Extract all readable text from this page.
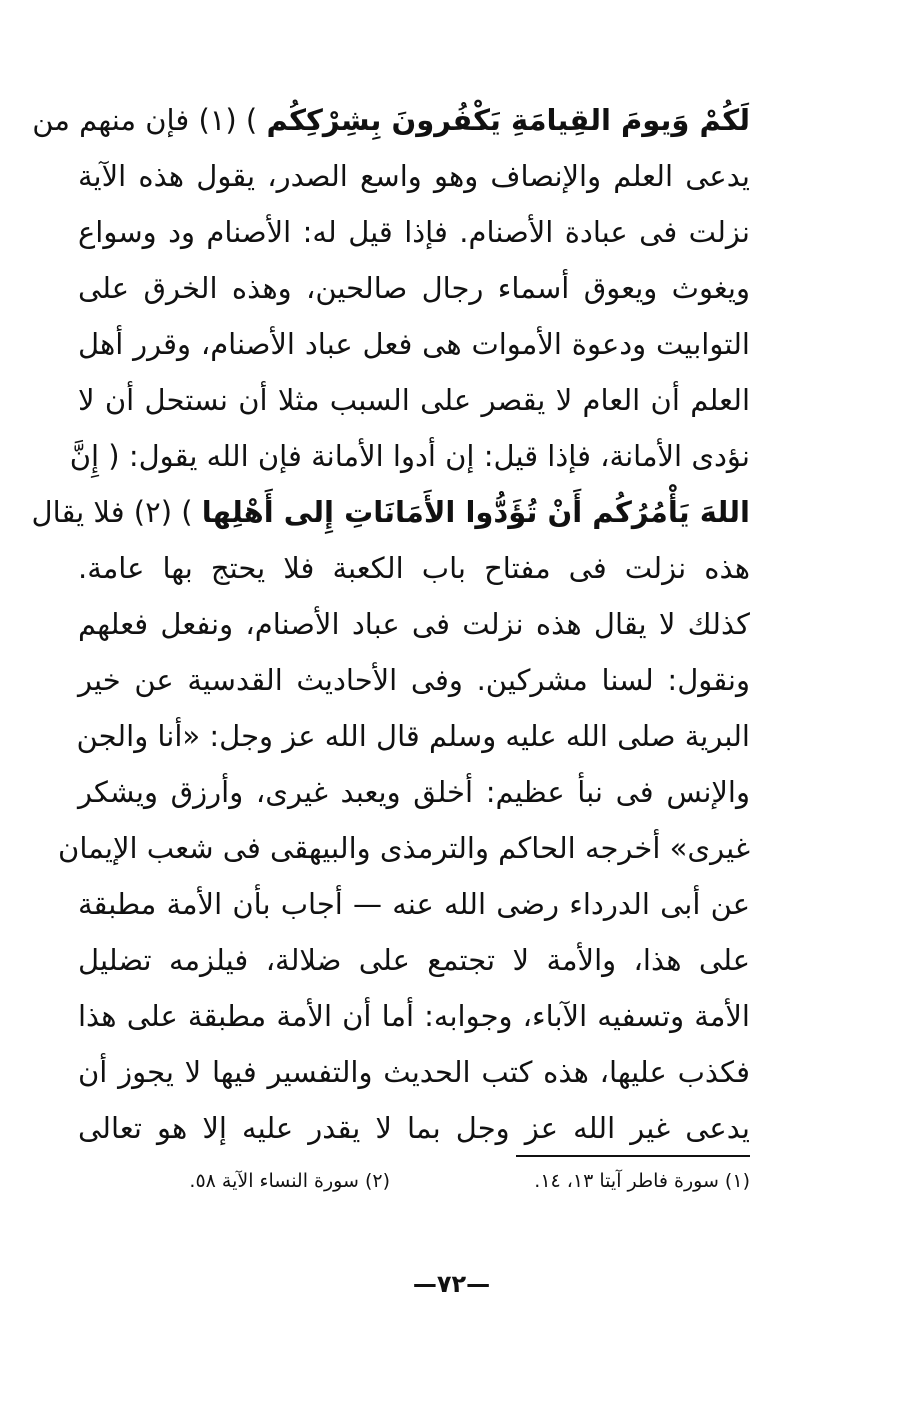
لَكُمْ وَيومَ القِيامَةِ يَكْفُرونَ بِشِرْكِكُم ) (١) فإن منهم من
يدعى العلم والإنصاف وهو واسع الصدر، يقول هذه الآية
نزلت فى عبادة الأصنام. فإذا قيل له: الأصنام ود وسواع
ويغوث ويعوق أسماء رجال صالحين، وهذه الخرق على
التوابيت ودعوة الأموات هى فعل عباد الأصنام، وقرر أهل
العلم أن العام لا يقصر على السبب مثلا أن نستحل أن لا
نؤدى الأمانة، فإذا قيل: إن أدوا الأمانة فإن الله يقول: ( إِنَّ
اللهَ يَأْمُرُكُم أَنْ تُؤَدُّوا الأَمَانَاتِ إِلى أَهْلِها ) (٢) فلا يقال
هذه نزلت فى مفتاح باب الكعبة فلا يحتج بها عامة.
كذلك لا يقال هذه نزلت فى عباد الأصنام، ونفعل فعلهم
ونقول: لسنا مشركين. وفى الأحاديث القدسية عن خير
البرية صلى الله عليه وسلم قال الله عز وجل: «أنا والجن
والإنس فى نبأ عظيم: أخلق ويعبد غيرى، وأرزق ويشكر
غيرى» أخرجه الحاكم والترمذى والبيهقى فى شعب الإيمان
عن أبى الدرداء رضى الله عنه — أجاب بأن الأمة مطبقة
على هذا، والأمة لا تجتمع على ضلالة، فيلزمه تضليل
الأمة وتسفيه الآباء، وجوابه: أما أن الأمة مطبقة على هذا
فكذب عليها، هذه كتب الحديث والتفسير فيها لا يجوز أن
يدعى غير الله عز وجل بما لا يقدر عليه إلا هو تعالى
(١) سورة فاطر آيتا ١٣، ١٤.
(٢) سورة النساء الآية ٥٨.
—٧٢—
